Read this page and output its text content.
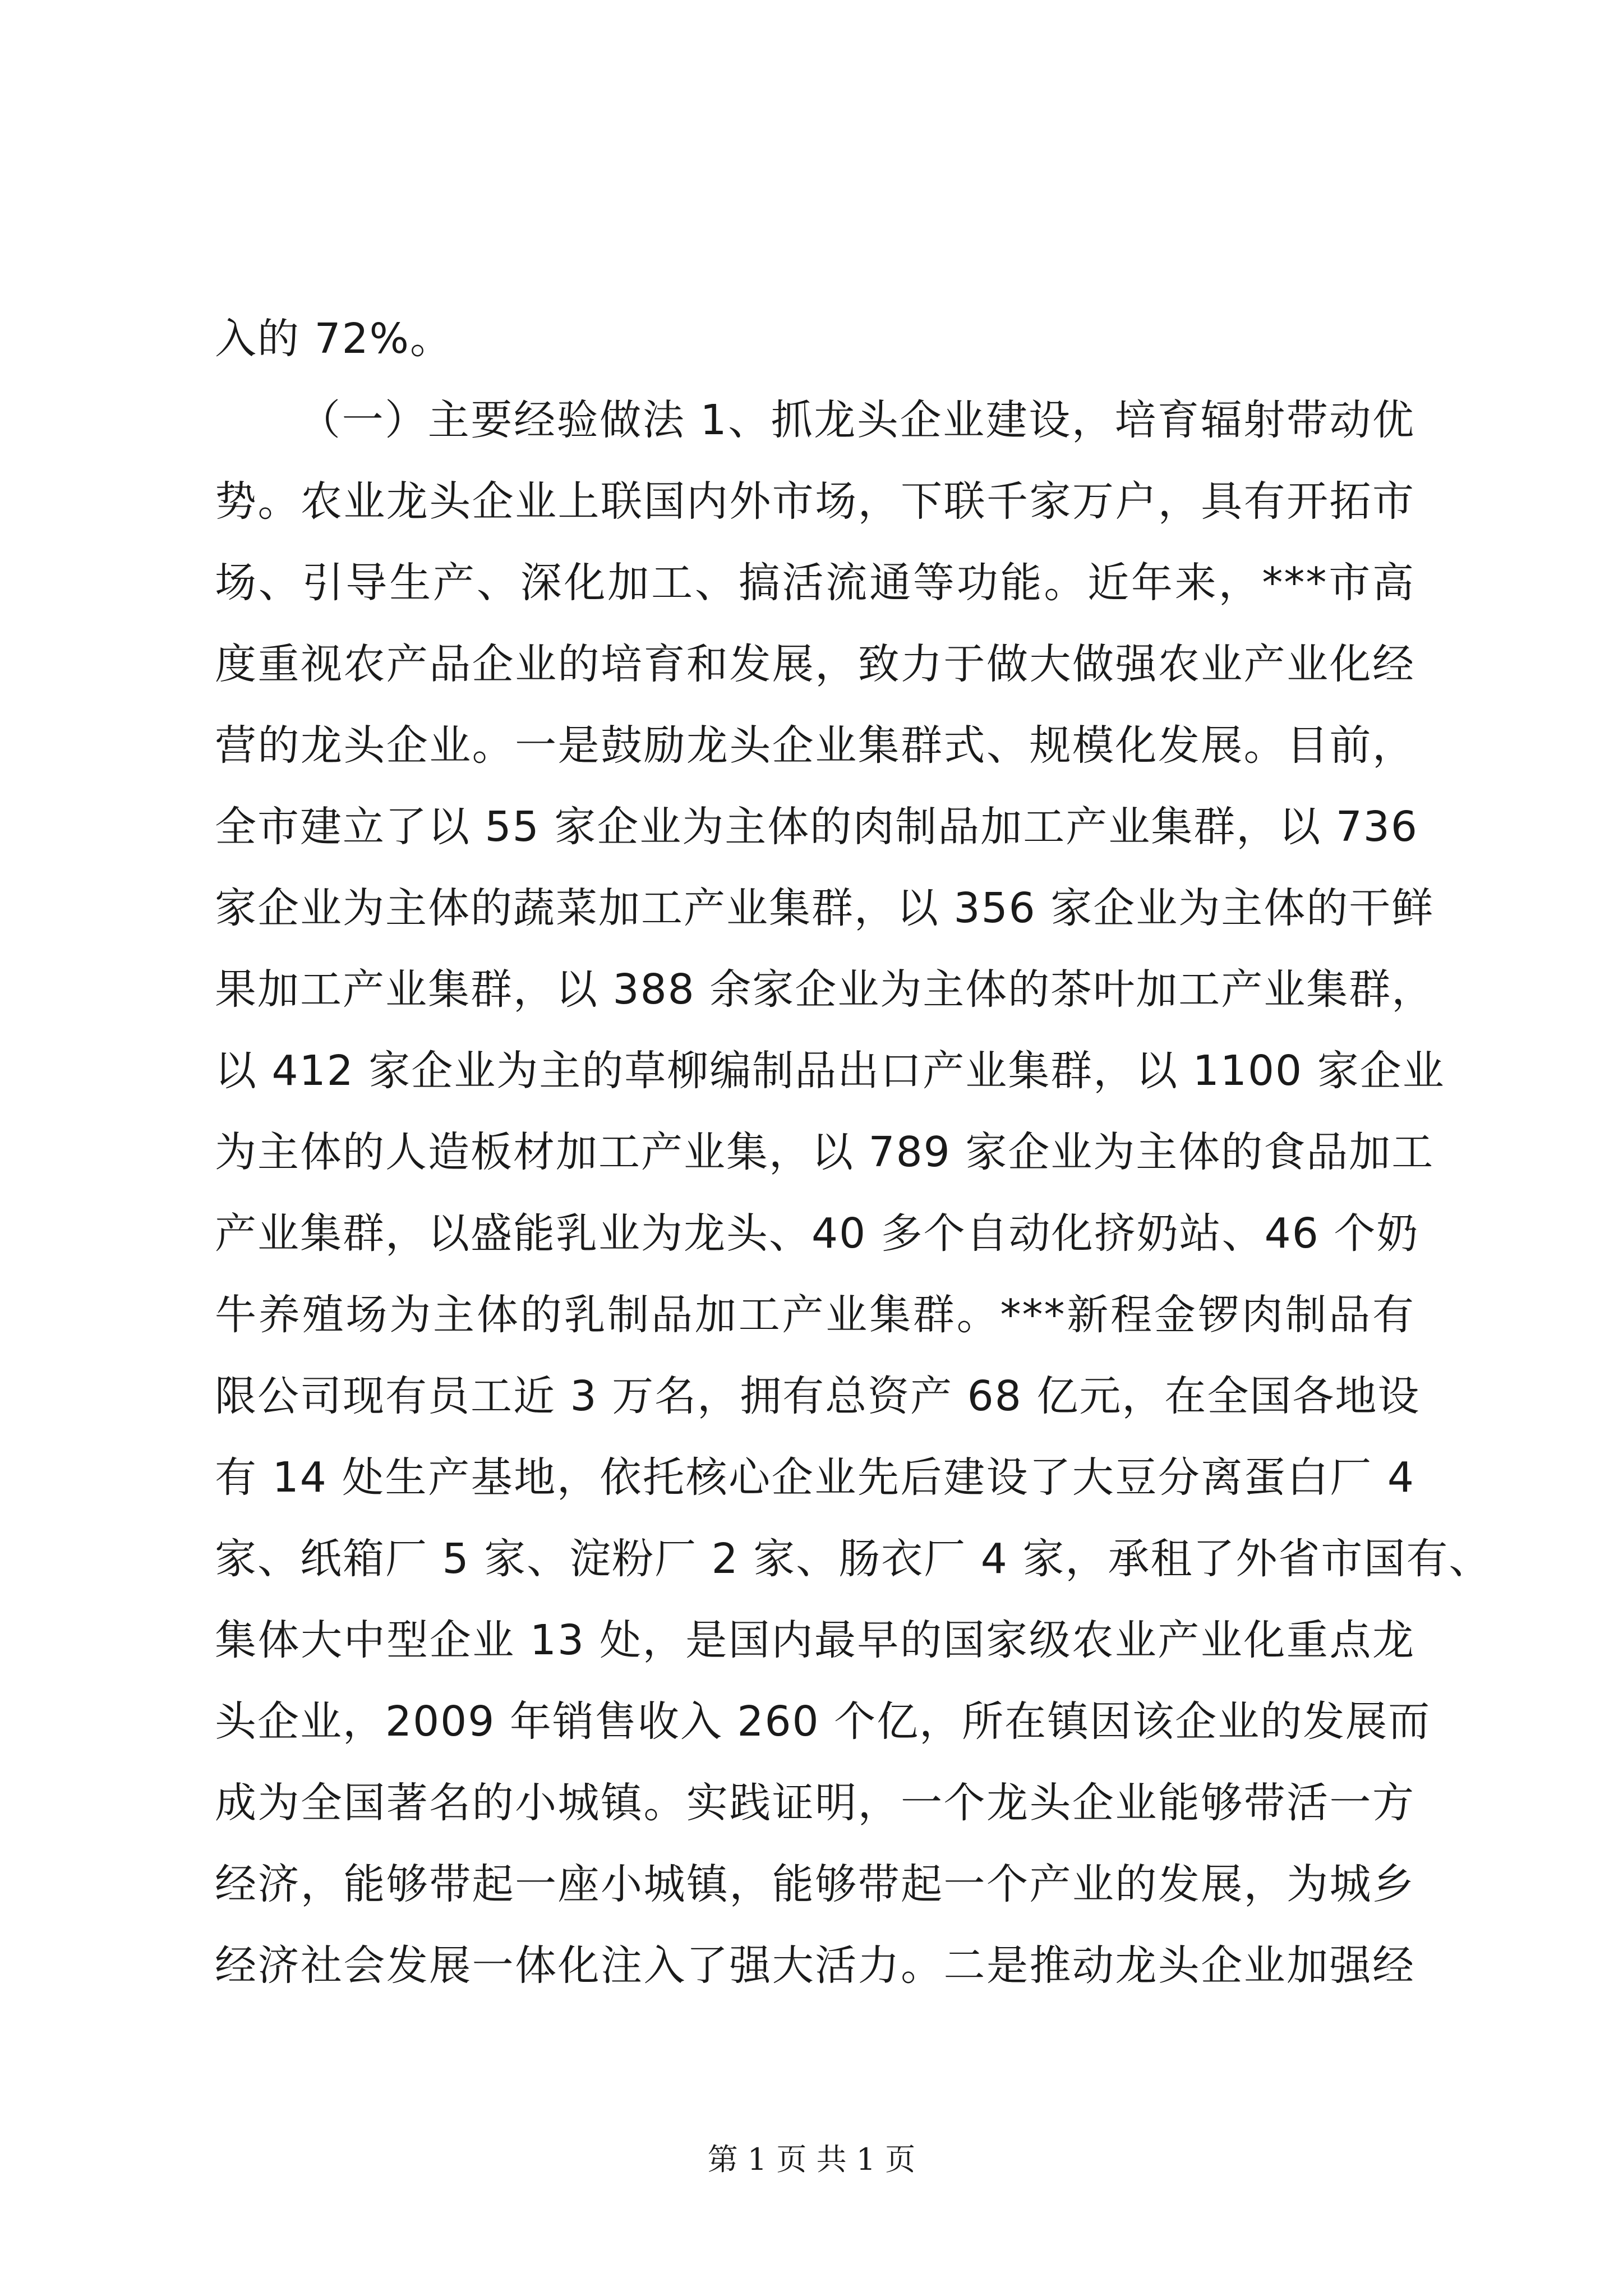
入的 72%。
（一）主要经验做法 1、抓龙头企业建设，培育辐射带动优
势。农业龙头企业上联国内外市场，下联千家万户，具有开拓市
场、引导生产、深化加工、搞活流通等功能。近年来，***市高
度重视农产品企业的培育和发展，致力于做大做强农业产业化经
营的龙头企业。一是鼓励龙头企业集群式、规模化发展。目前，
全市建立了以 55 家企业为主体的肉制品加工产业集群，以 736
家企业为主体的蔬菜加工产业集群，以 356 家企业为主体的干鲜
果加工产业集群，以 388 余家企业为主体的茶叶加工产业集群，
以 412 家企业为主的草柳编制品出口产业集群，以 1100 家企业
为主体的人造板材加工产业集，以 789 家企业为主体的食品加工
产业集群，以盛能乳业为龙头、40 多个自动化挤奶站、46 个奶
牛养殖场为主体的乳制品加工产业集群。***新程金锣肉制品有
限公司现有员工近 3 万名，拥有总资产 68 亿元，在全国各地设
有 14 处生产基地，依托核心企业先后建设了大豆分离蛋白厂 4
家、纸箱厂 5 家、淀粉厂 2 家、肠衣厂 4 家，承租了外省市国有、
集体大中型企业 13 处，是国内最早的国家级农业产业化重点龙
头企业，2009 年销售收入 260 个亿，所在镇因该企业的发展而
成为全国著名的小城镇。实践证明，一个龙头企业能够带活一方
经济，能够带起一座小城镇，能够带起一个产业的发展，为城乡
经济社会发展一体化注入了强大活力。二是推动龙头企业加强经
第 1 页 共 1 页
